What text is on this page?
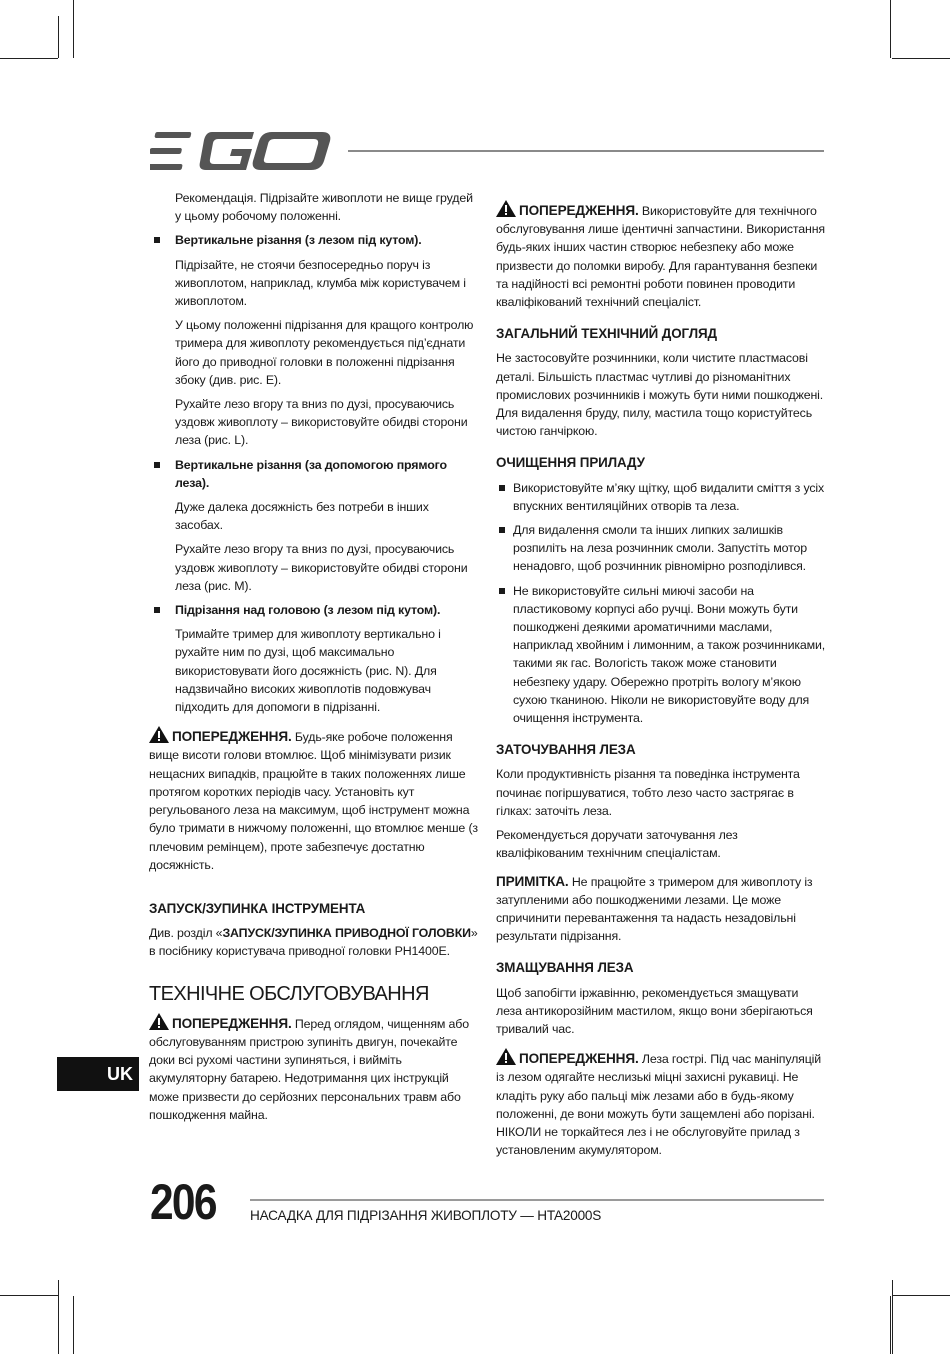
Рекомендація. Підрізайте живоплоти не вище грудей у цьому робочому положенні.

Вертикальне різання (з лезом під кутом).

Підрізайте, не стоячи безпосередньо поруч із живоплотом, наприклад, клумба між користувачем і живоплотом.

У цьому положенні підрізання для кращого контролю тримера для живоплоту рекомендується під’єднати його до приводної головки в положенні підрізання збоку (див. рис. E).

Рухайте лезо вгору та вниз по дузі, просуваючись уздовж живоплоту – використовуйте обидві сторони леза (рис. L).

Вертикальне різання (за допомогою прямого леза).

Дуже далека досяжність без потреби в інших засобах.

Рухайте лезо вгору та вниз по дузі, просуваючись уздовж живоплоту – використовуйте обидві сторони леза (рис. M).

Підрізання над головою (з лезом під кутом).

Тримайте тример для живоплоту вертикально і рухайте ним по дузі, щоб максимально використовувати його досяжність (рис. N). Для надзвичайно високих живоплотів подовжувач підходить для допомоги в підрізанні.

ПОПЕРЕДЖЕННЯ. Будь-яке робоче положення вище висоти голови втомлює. Щоб мінімізувати ризик нещасних випадків, працюйте в таких положеннях лише протягом коротких періодів часу. Установіть кут регульованого леза на максимум, щоб інструмент можна було тримати в нижчому положенні, що втомлює менше (з плечовим ремінцем), проте забезпечує достатню досяжність.

ЗАПУСК/ЗУПИНКА ІНСТРУМЕНТА

Див. розділ «ЗАПУСК/ЗУПИНКА ПРИВОДНОЇ ГОЛОВКИ» в посібнику користувача приводної головки PH1400E.

ТЕХНІЧНЕ ОБСЛУГОВУВАННЯ

ПОПЕРЕДЖЕННЯ. Перед оглядом, чищенням або обслуговуванням пристрою зупиніть двигун, почекайте доки всі рухомі частини зупиняться, і вийміть акумуляторну батарею. Недотримання цих інструкцій може призвести до серйозних персональних травм або пошкодження майна.

ПОПЕРЕДЖЕННЯ. Використовуйте для технічного обслуговування лише ідентичні запчастини. Використання будь-яких інших частин створює небезпеку або може призвести до поломки виробу. Для гарантування безпеки та надійності всі ремонтні роботи повинен проводити кваліфікований технічний спеціаліст.

ЗАГАЛЬНИЙ ТЕХНІЧНИЙ ДОГЛЯД

Не застосовуйте розчинники, коли чистите пластмасові деталі. Більшість пластмас чутливі до різноманітних промислових розчинників і можуть бути ними пошкоджені. Для видалення бруду, пилу, мастила тощо користуйтесь чистою ганчіркою.

ОЧИЩЕННЯ ПРИЛАДУ
Використовуйте м’яку щітку, щоб видалити сміття з усіх впускних вентиляційних отворів та леза.
Для видалення смоли та інших липких залишків розпиліть на леза розчинник смоли. Запустіть мотор ненадовго, щоб розчинник рівномірно розподілився.
Не використовуйте сильні миючі засоби на пластиковому корпусі або ручці. Вони можуть бути пошкоджені деякими ароматичними маслами, наприклад хвойним і лимонним, а також розчинниками, такими як гас. Вологість також може становити небезпеку удару. Обережно протріть вологу м’якою сухою тканиною. Ніколи не використовуйте воду для очищення інструмента.
ЗАТОЧУВАННЯ ЛЕЗА

Коли продуктивність різання та поведінка інструмента починає погіршуватися, тобто лезо часто застрягає в гілках: заточіть леза.

Рекомендується доручати заточування лез кваліфікованим технічним спеціалістам.

ПРИМІТКА. Не працюйте з тримером для живоплоту із затупленими або пошкодженими лезами. Це може спричинити перевантаження та надасть незадовільні результати підрізання.

ЗМАЩУВАННЯ ЛЕЗА

Щоб запобігти іржавінню, рекомендується змащувати леза антикорозійним мастилом, якщо вони зберігаються тривалий час.

ПОПЕРЕДЖЕННЯ. Леза гострі. Під час маніпуляцій із лезом одягайте неслизькі міцні захисні рукавиці. Не кладіть руку або пальці між лезами або в будь-якому положенні, де вони можуть бути защемлені або порізані. НІКОЛИ не торкайтеся лез і не обслуговуйте прилад з установленим акумулятором.

UK
206	НАСАДКА ДЛЯ ПІДРІЗАННЯ ЖИВОПЛОТУ — HTA2000S
